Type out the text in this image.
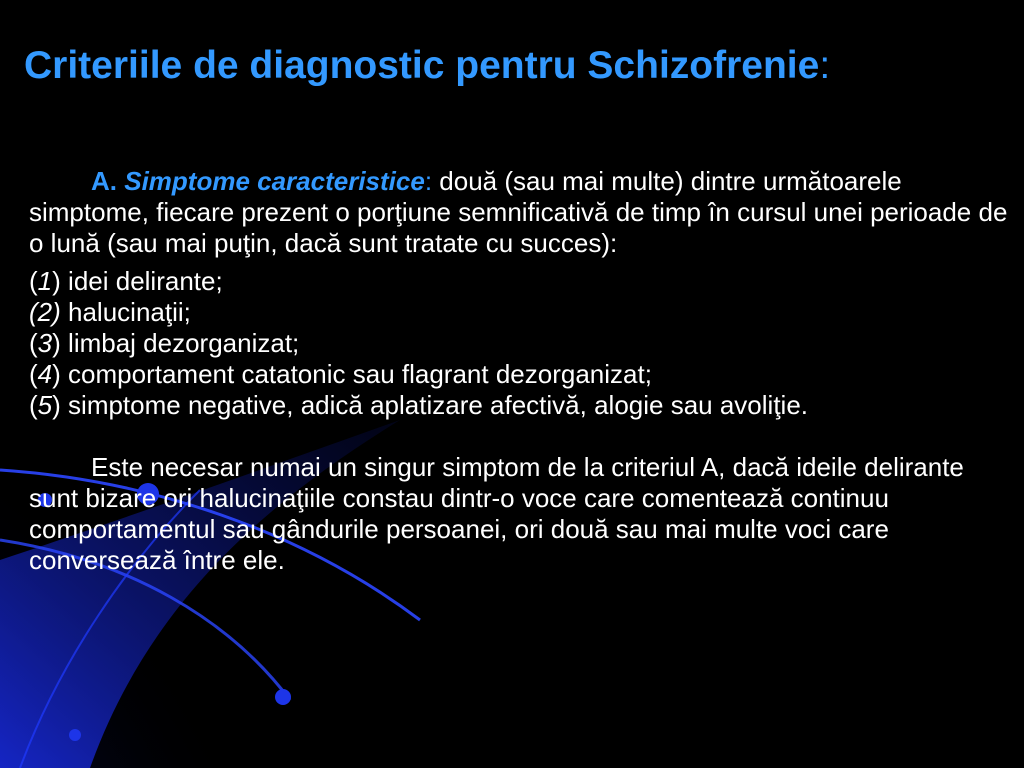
Criteriile de diagnostic pentru Schizofrenie:

A. Simptome caracteristice: două (sau mai multe) dintre următoarele simptome, fiecare prezent o porţiune semnificativă de timp în cursul unei perioade de o lună (sau mai puţin, dacă sunt tratate cu succes):

(1) idei delirante;

(2) halucinaţii;

(3) limbaj dezorganizat;

(4) comportament catatonic sau flagrant dezorganizat;

(5) simptome negative, adică aplatizare afectivă, alogie sau avoliţie.

Este necesar numai un singur simptom de la criteriul A, dacă ideile delirante sunt bizare ori halucinaţiile constau dintr-o voce care comentează continuu comportamentul sau gândurile persoanei, ori două sau mai multe voci care conversează între ele.
